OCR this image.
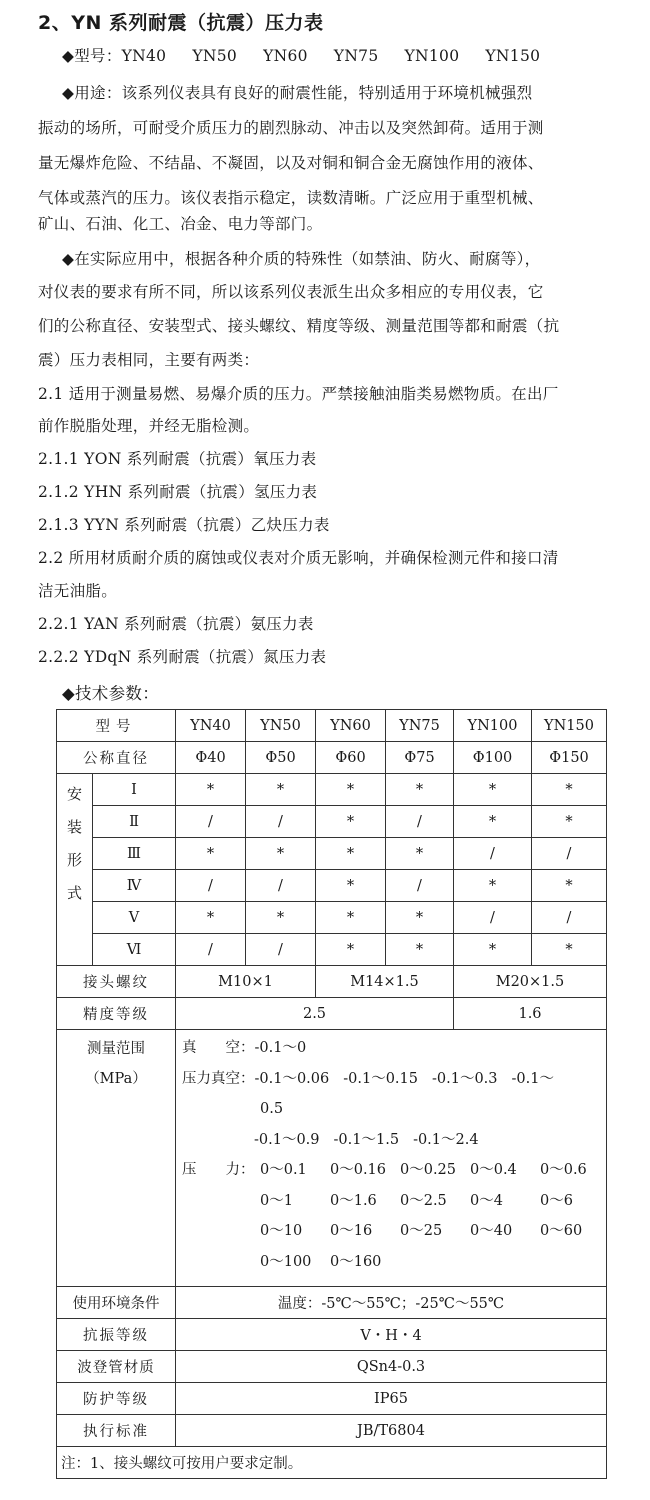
2、YN 系列耐震（抗震）压力表
◆型号：YN40 YN50 YN60 YN75 YN100 YN150
◆用途：该系列仪表具有良好的耐震性能，特别适用于环境机械强烈
振动的场所，可耐受介质压力的剧烈脉动、冲击以及突然卸荷。适用于测
量无爆炸危险、不结晶、不凝固，以及对铜和铜合金无腐蚀作用的液体、
气体或蒸汽的压力。该仪表指示稳定，读数清晰。广泛应用于重型机械、
矿山、石油、化工、冶金、电力等部门。
◆在实际应用中，根据各种介质的特殊性（如禁油、防火、耐腐等），
对仪表的要求有所不同，所以该系列仪表派生出众多相应的专用仪表，它
们的公称直径、安装型式、接头螺纹、精度等级、测量范围等都和耐震（抗
震）压力表相同，主要有两类：
2.1 适用于测量易燃、易爆介质的压力。严禁接触油脂类易燃物质。在出厂
前作脱脂处理，并经无脂检测。
2.1.1 YON 系列耐震（抗震）氧压力表
2.1.2 YHN 系列耐震（抗震）氢压力表
2.1.3 YYN 系列耐震（抗震）乙炔压力表
2.2 所用材质耐介质的腐蚀或仪表对介质无影响，并确保检测元件和接口清
洁无油脂。
2.2.1 YAN 系列耐震（抗震）氨压力表
2.2.2 YDqN 系列耐震（抗震）氮压力表
◆技术参数：
型号		YN40	YN50	YN60	YN75	YN100	YN150
公称直径		Φ40	Φ50	Φ60	Φ75	Φ100	Φ150

安
装
形
式	Ⅰ	*	*	*	*	*	*
	Ⅱ	/	/	*	/	*	*
	Ⅲ	*	*	*	*	/	/
	Ⅳ	/	/	*	/	*	*
	Ⅴ	*	*	*	*	/	/
	Ⅵ	/	/	*	*	*	*
接头螺纹		M10×1		M14×1.5		M20×1.5	
精度等级		2.5				1.6	

测量范围
（MPa）

真　　空：-0.1～0
压力真空：-0.1～0.06 -0.1～0.15 -0.1～0.3 -0.1～
0.5
-0.1～0.9 -0.1～1.5 -0.1～2.4
压　　力： 0～0.1 0～0.16 0～0.25 0～0.4 0～0.6
0～1	0～1.6 0～2.5 0～4	0～6
0～10 0～16 0～25 0～40 0～60
0～100 0～160

使用环境条件		温度：-5℃～55℃；-25℃～55℃					
抗振等级		V・H・4					
波登管材质		QSn4-0.3					
防护等级		IP65					
执行标准		JB/T6804					
注：1、接头螺纹可按用户要求定制。							
